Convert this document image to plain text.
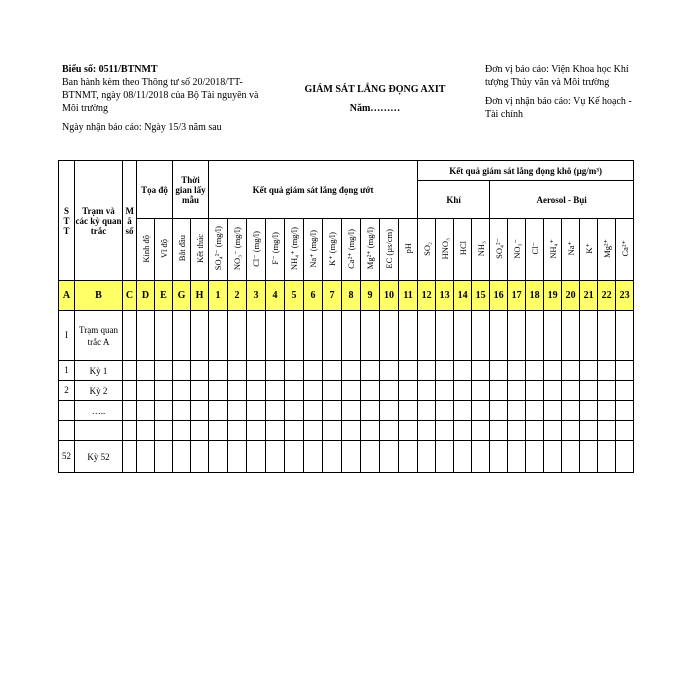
Biểu số: 0511/BTNMT
Ban hành kèm theo Thông tư số 20/2018/TT-BTNMT, ngày 08/11/2018 của Bộ Tài nguyên và Môi trường
Ngày nhận báo cáo: Ngày 15/3 năm sau
GIÁM SÁT LẮNG ĐỌNG AXIT
Năm………
Đơn vị báo cáo: Viện Khoa học Khí tượng Thủy văn và Môi trường
Đơn vị nhận báo cáo: Vụ Kế hoạch - Tài chính
STT	Trạm và các kỳ quan trắc	Mã số	Tọa độ		Thời gian lấy mẫu		Kết quả giám sát lắng đọng ướt											Kết quả giám sát lắng đọng khô (µg/m³)											
																		Khí				Aerosol - Bụi							
			Kinh độ	Vĩ độ	Bắt đầu	Kết thúc	SO₄²⁻ (mg/l)	NO₃⁻ (mg/l)	Cl⁻ (mg/l)	F⁻ (mg/l)	NH₄⁺ (mg/l)	Na⁺ (mg/l)	K⁺ (mg/l)	Ca²⁺ (mg/l)	Mg²⁺ (mg/l)	EC (µs/cm)	pH	SO₂	HNO₃	HCl	NH₃	SO₄²⁻	NO₃⁻	Cl⁻	NH₄⁺	Na⁺	K⁺	Mg²⁺	Ca²⁺
A	B	C	D	E	G	H	1	2	3	4	5	6	7	8	9	10	11	12	13	14	15	16	17	18	19	20	21	22	23
I	Trạm quan trắc A																												
1	Kỳ 1																												
2	Kỳ 2																												
	…..																												

52	Kỳ 52																												
